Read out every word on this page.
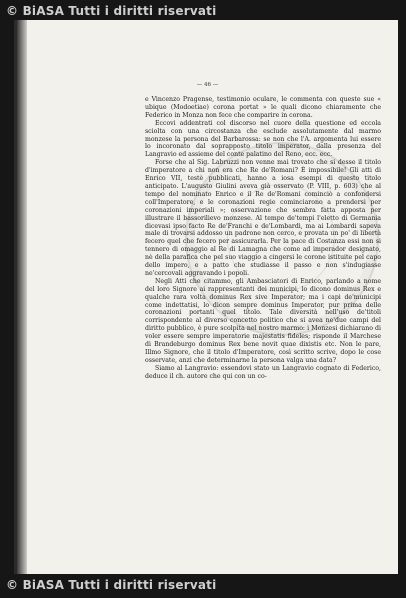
© BiASA Tutti i diritti riservati
— 46 —

e Vincenzo Pragense, testimonio oculare, le commenta con queste sue « ubique (Modoetiae) corona portat » le quali dicono chiaramente che Federico in Monza non fece che comparire in corona.

Eccovi addentrati col discorso nel cuore della questione ed eccola sciolta con una circostanza che esclude assolutamente dal marmo monzese la persona del Barbarossa: se non che l'A. argomenta lui essere lo incoronato dal soprapposto titolo imperator, dalla presenza del Langravio ed assieme del conte palatino del Reno, ecc. ecc.

Forse che al Sig. Labruzzi non venne mai trovato che si desse il titolo d'imperatore a chi non era che Re de'Romani? È impossibile! Gli atti di Enrico VII, testè pubblicati, hanno a iosa esempi di questo titolo anticipato. L'augusto Giulini aveva già osservato (P. VIII, p. 603) che al tempo del nominato Enrico e il Re de'Romani cominciò a confondersi coll'Imperatore, e le coronazioni regie cominciarono a prendersi per coronazioni imperiali »; osservazione che sembra fatta apposta per illustrare il bassorilievo monzese. Al tempo de'tempi l'eletto di Germania dicevasi ipso facto Re de'Franchi e de'Lombardi, ma ai Lombardi sapeva male di trovarsi addosso un padrone non cerco, e provata un po' di libertà fecero quel che fecero per assicurarla. Per la pace di Costanza essi non si tennero di omaggio al Re di Lamagna che come ad imperador designato, nè della parafica che pel suo viaggio a cingersi le corone istituite pel capo dello impero, e a patto che studiasse il passo e non s'indugiasse ne'cercovali aggravando i popoli.

Negli Atti che citammo, gli Ambasciatori di Enrico, parlando a nome del loro Signore ai rappresentanti dei municipi, lo dicono dominus Rex e qualche rara volta dominus Rex sive Imperator; ma i capi de'municipi come indettatisi, lo dicon sempre dominus Imperator, pur prima delle coronazioni portanti quel titolo. Tale diversità nell'uso de'titoli corrispondente al diverso concetto politico che si avea ne'due campi del diritto pubblico, è pure scolpita nel nostro marmo: i Monzesi dichiarano di voler essere sempre imperatorie majestatis fideles; risponde il Marchese di Brandeburgo dominus Rex bene novit quae dixistis etc. Non le pare, Illmo Signore, che il titolo d'Imperatore, così scritto scrive, dopo le cose osservate, anzi che determinarne la persona valga una data?

Siamo al Langravio: essendovi stato un Langravio cognato di Federico, deduce il ch. autore che qui con un co-

© BiASA Tutti i diritti riservati
